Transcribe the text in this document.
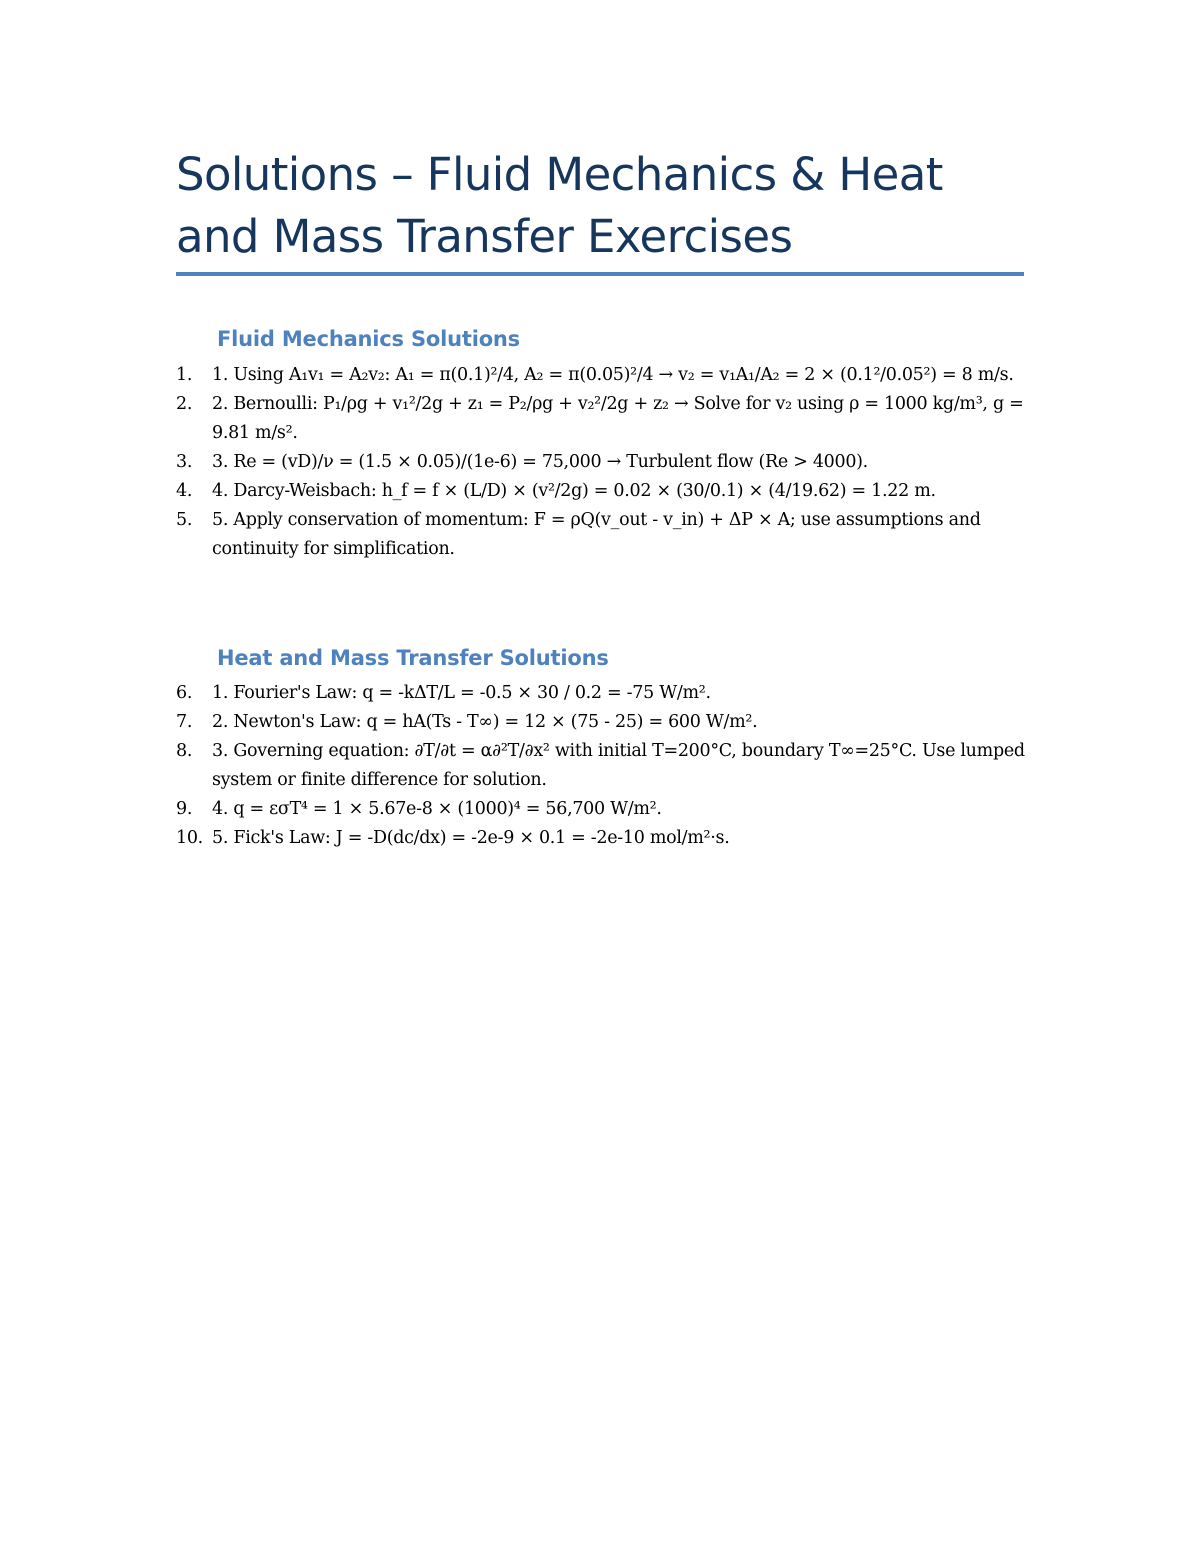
Solutions – Fluid Mechanics & Heat and Mass Transfer Exercises
Fluid Mechanics Solutions
1. 1. Using A₁v₁ = A₂v₂: A₁ = π(0.1)²/4, A₂ = π(0.05)²/4 → v₂ = v₁A₁/A₂ = 2 × (0.1²/0.05²) = 8 m/s.
2. 2. Bernoulli: P₁/ρg + v₁²/2g + z₁ = P₂/ρg + v₂²/2g + z₂ → Solve for v₂ using ρ = 1000 kg/m³, g = 9.81 m/s².
3. 3. Re = (vD)/ν = (1.5 × 0.05)/(1e-6) = 75,000 → Turbulent flow (Re > 4000).
4. 4. Darcy-Weisbach: h_f = f × (L/D) × (v²/2g) = 0.02 × (30/0.1) × (4/19.62) = 1.22 m.
5. 5. Apply conservation of momentum: F = ρQ(v_out - v_in) + ΔP × A; use assumptions and continuity for simplification.
Heat and Mass Transfer Solutions
6. 1. Fourier's Law: q = -kΔT/L = -0.5 × 30 / 0.2 = -75 W/m².
7. 2. Newton's Law: q = hA(Ts - T∞) = 12 × (75 - 25) = 600 W/m².
8. 3. Governing equation: ∂T/∂t = α∂²T/∂x² with initial T=200°C, boundary T∞=25°C. Use lumped system or finite difference for solution.
9. 4. q = εσT⁴ = 1 × 5.67e-8 × (1000)⁴ = 56,700 W/m².
10. 5. Fick's Law: J = -D(dc/dx) = -2e-9 × 0.1 = -2e-10 mol/m²·s.
